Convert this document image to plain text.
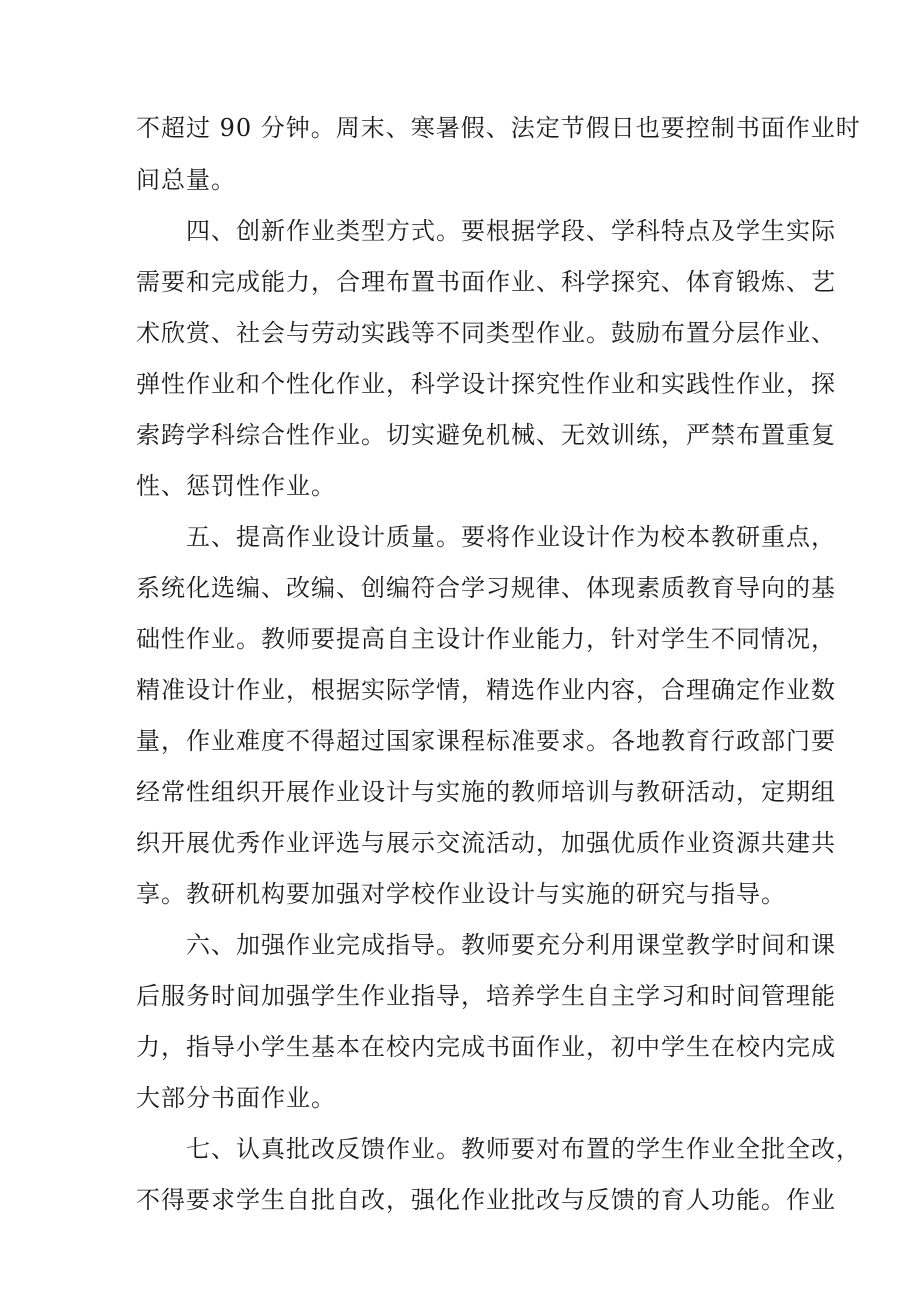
不超过 90 分钟。周末、寒暑假、法定节假日也要控制书面作业时
间总量。
四、创新作业类型方式。要根据学段、学科特点及学生实际
需要和完成能力，合理布置书面作业、科学探究、体育锻炼、艺
术欣赏、社会与劳动实践等不同类型作业。鼓励布置分层作业、
弹性作业和个性化作业，科学设计探究性作业和实践性作业，探
索跨学科综合性作业。切实避免机械、无效训练，严禁布置重复
性、惩罚性作业。
五、提高作业设计质量。要将作业设计作为校本教研重点，
系统化选编、改编、创编符合学习规律、体现素质教育导向的基
础性作业。教师要提高自主设计作业能力，针对学生不同情况，
精准设计作业，根据实际学情，精选作业内容，合理确定作业数
量，作业难度不得超过国家课程标准要求。各地教育行政部门要
经常性组织开展作业设计与实施的教师培训与教研活动，定期组
织开展优秀作业评选与展示交流活动，加强优质作业资源共建共
享。教研机构要加强对学校作业设计与实施的研究与指导。
六、加强作业完成指导。教师要充分利用课堂教学时间和课
后服务时间加强学生作业指导，培养学生自主学习和时间管理能
力，指导小学生基本在校内完成书面作业，初中学生在校内完成
大部分书面作业。
七、认真批改反馈作业。教师要对布置的学生作业全批全改，
不得要求学生自批自改，强化作业批改与反馈的育人功能。作业
